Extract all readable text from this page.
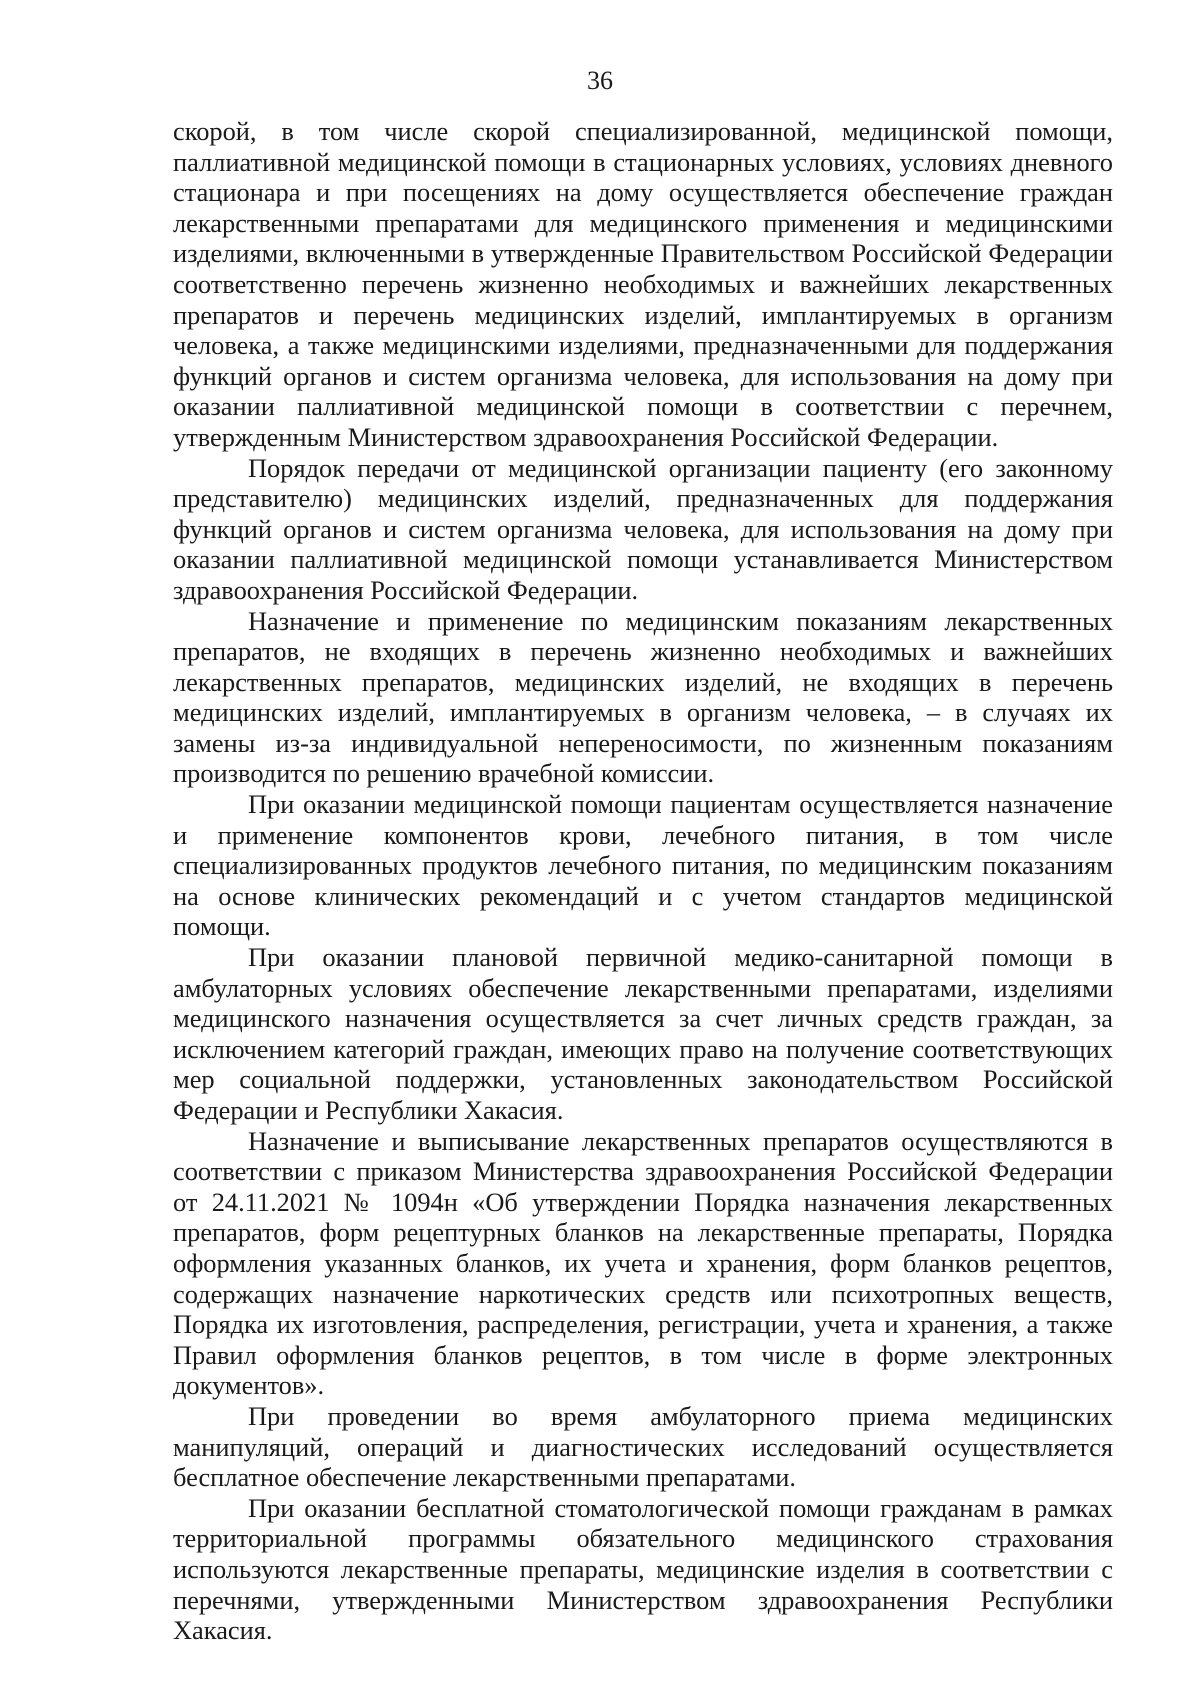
36

скорой, в том числе скорой специализированной, медицинской помощи, паллиативной медицинской помощи в стационарных условиях, условиях дневного стационара и при посещениях на дому осуществляется обеспечение граждан лекарственными препаратами для медицинского применения и медицинскими изделиями, включенными в утвержденные Правительством Российской Федерации соответственно перечень жизненно необходимых и важнейших лекарственных препаратов и перечень медицинских изделий, имплантируемых в организм человека, а также медицинскими изделиями, предназначенными для поддержания функций органов и систем организма человека, для использования на дому при оказании паллиативной медицинской помощи в соответствии с перечнем, утвержденным Министерством здравоохранения Российской Федерации.

Порядок передачи от медицинской организации пациенту (его законному представителю) медицинских изделий, предназначенных для поддержания функций органов и систем организма человека, для использования на дому при оказании паллиативной медицинской помощи устанавливается Министерством здравоохранения Российской Федерации.

Назначение и применение по медицинским показаниям лекарственных препаратов, не входящих в перечень жизненно необходимых и важнейших лекарственных препаратов, медицинских изделий, не входящих в перечень медицинских изделий, имплантируемых в организм человека, – в случаях их замены из-за индивидуальной непереносимости, по жизненным показаниям производится по решению врачебной комиссии.

При оказании медицинской помощи пациентам осуществляется назначение и применение компонентов крови, лечебного питания, в том числе специализированных продуктов лечебного питания, по медицинским показаниям на основе клинических рекомендаций и с учетом стандартов медицинской помощи.

При оказании плановой первичной медико-санитарной помощи в амбулаторных условиях обеспечение лекарственными препаратами, изделиями медицинского назначения осуществляется за счет личных средств граждан, за исключением категорий граждан, имеющих право на получение соответствующих мер социальной поддержки, установленных законодательством Российской Федерации и Республики Хакасия.

Назначение и выписывание лекарственных препаратов осуществляются в соответствии с приказом Министерства здравоохранения Российской Федерации от 24.11.2021 № 1094н «Об утверждении Порядка назначения лекарственных препаратов, форм рецептурных бланков на лекарственные препараты, Порядка оформления указанных бланков, их учета и хранения, форм бланков рецептов, содержащих назначение наркотических средств или психотропных веществ, Порядка их изготовления, распределения, регистрации, учета и хранения, а также Правил оформления бланков рецептов, в том числе в форме электронных документов».

При проведении во время амбулаторного приема медицинских манипуляций, операций и диагностических исследований осуществляется бесплатное обеспечение лекарственными препаратами.

При оказании бесплатной стоматологической помощи гражданам в рамках территориальной программы обязательного медицинского страхования используются лекарственные препараты, медицинские изделия в соответствии с перечнями, утвержденными Министерством здравоохранения Республики Хакасия.
